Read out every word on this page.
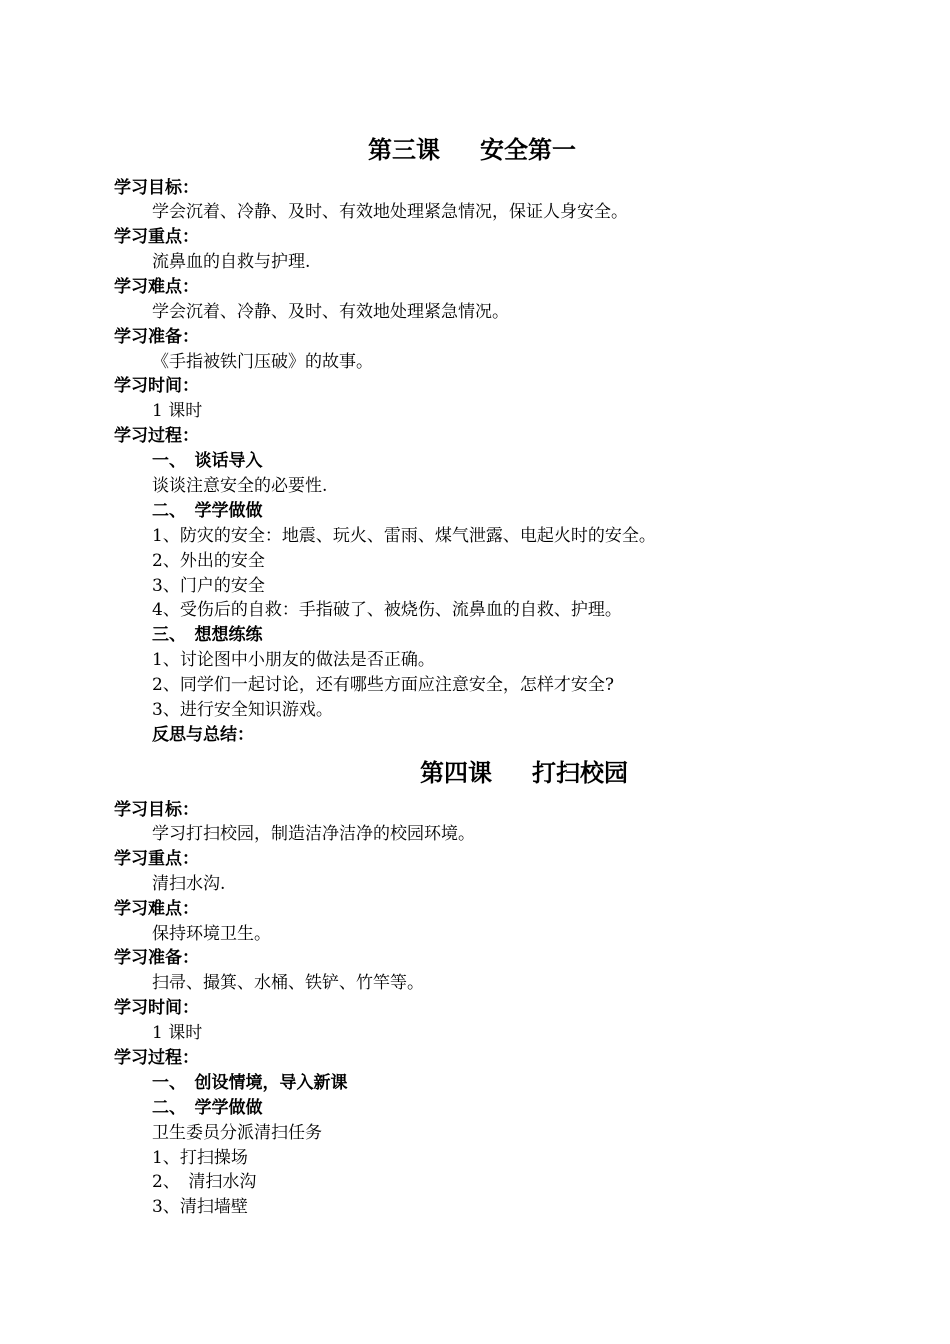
第三课 安全第一
学习目标：
学会沉着、冷静、及时、有效地处理紧急情况，保证人身安全。
学习重点：
流鼻血的自救与护理.
学习难点：
学会沉着、冷静、及时、有效地处理紧急情况。
学习准备：
《手指被铁门压破》的故事。
学习时间：
1 课时
学习过程：
一、　谈话导入
谈谈注意安全的必要性.
二、　学学做做
1、防灾的安全：地震、玩火、雷雨、煤气泄露、电起火时的安全。
2、外出的安全
3、门户的安全
4、受伤后的自救：手指破了、被烧伤、流鼻血的自救、护理。
三、　想想练练
1、讨论图中小朋友的做法是否正确。
2、同学们一起讨论，还有哪些方面应注意安全，怎样才安全?
3、进行安全知识游戏。
反思与总结：
第四课 打扫校园
学习目标：
学习打扫校园，制造洁净洁净的校园环境。
学习重点：
清扫水沟.
学习难点：
保持环境卫生。
学习准备：
扫帚、撮箕、水桶、铁铲、竹竿等。
学习时间：
1 课时
学习过程：
一、　创设情境，导入新课
二、　学学做做
卫生委员分派清扫任务
1、打扫操场
2、　清扫水沟
3、清扫墙壁
